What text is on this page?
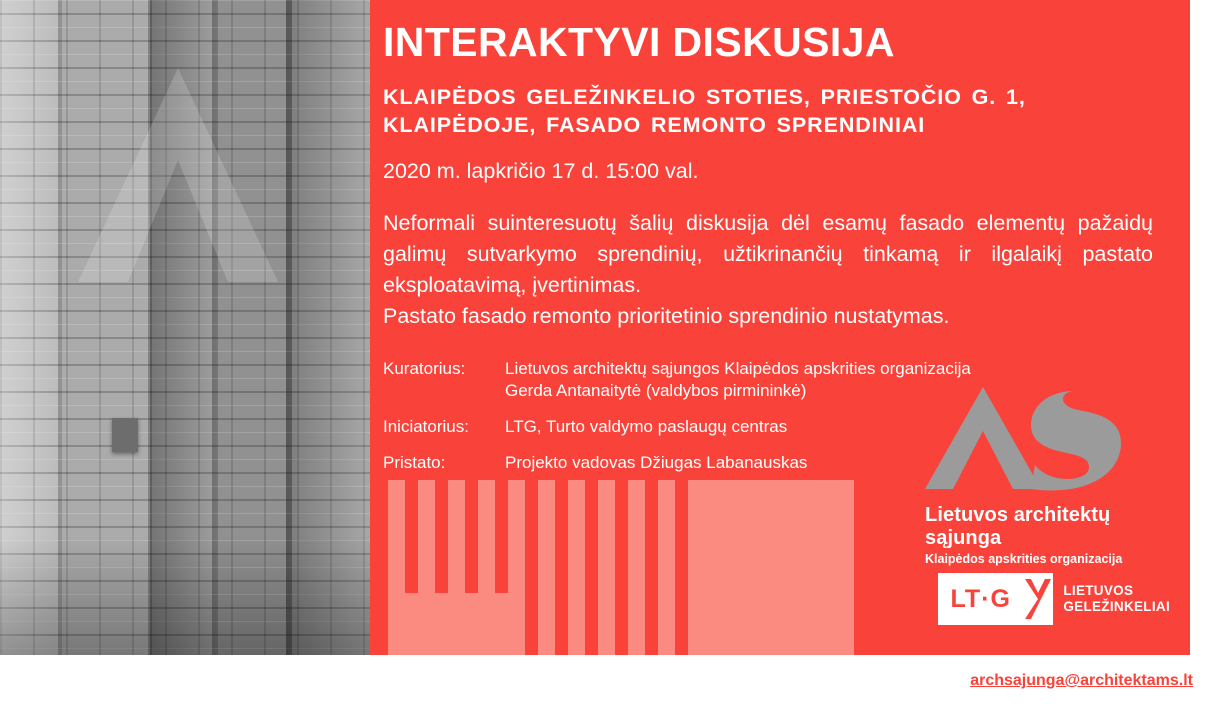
INTERAKTYVI DISKUSIJA
KLAIPĖDOS GELEŽINKELIO STOTIES, PRIESTOČIO G. 1,
KLAIPĖDOJE, FASADO REMONTO SPRENDINIAI
2020 m. lapkričio 17 d. 15:00 val.
Neformali suinteresuotų šalių diskusija dėl esamų fasado elementų pažaidų galimų sutvarkymo sprendinių, užtikrinančių tinkamą ir ilgalaikį pastato eksploatavimą, įvertinimas.
Pastato fasado remonto prioritetinio sprendinio nustatymas.
Kuratorius:	Lietuvos architektų sąjungos Klaipėdos apskrities organizacija
Gerda Antanaitytė (valdybos pirmininkė)
Iniciatorius:	LTG, Turto valdymo paslaugų centras
Pristato:	Projekto vadovas Džiugas Labanauskas
Lietuvos architektų sąjunga
Klaipėdos apskrities organizacija
LT·G	LIETUVOS
GELEŽINKELIAI
archsajunga@architektams.lt
